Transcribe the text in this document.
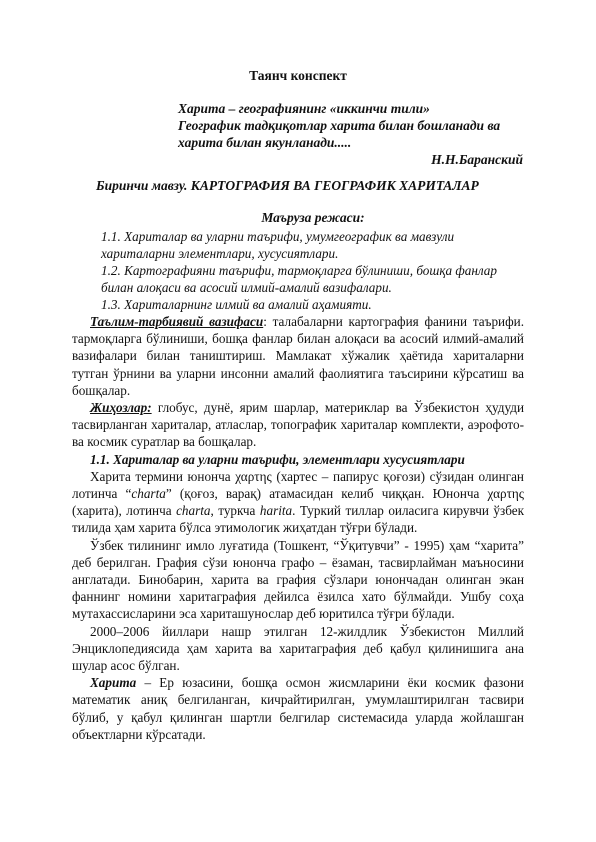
Таянч конспект
Харита – географиянинг «иккинчи тили»
Географик тадқиқотлар харита билан бошланади ва
харита билан якунланади.....
Н.Н.Баранский
Биринчи мавзу. КАРТОГРАФИЯ ВА ГЕОГРАФИК ХАРИТАЛАР
Маъруза режаси:
1.1. Хариталар ва уларни таърифи, умумгеографик ва мавзули хариталарни элементлари, хусусиятлари.
1.2. Картографияни таърифи, тармоқларга бўлиниши, бошқа фанлар билан алоқаси ва асосий илмий-амалий вазифалари.
1.3. Хариталарнинг илмий ва амалий аҳамияти.

Таълим-тарбиявий вазифаси: талабаларни картография фанини таърифи. тармоқларга бўлиниши, бошқа фанлар билан алоқаси ва асосий илмий-амалий вазифалари билан таништириш. Мамлакат хўжалик ҳаётида хариталарни тутган ўрнини ва уларни инсонни амалий фаолиятига таъсирини кўрсатиш ва бошқалар.

Жиҳозлар: глобус, дунё, ярим шарлар, материклар ва Ўзбекистон ҳудуди тасвирланган хариталар, атласлар, топографик хариталар комплекти, аэрофото- ва космик суратлар ва бошқалар.

1.1. Хариталар ва уларни таърифи, элементлари хусусиятлари

Харита термини юнонча χαρτης (хартес – папирус қоғози) сўзидан олинган лотинча “charta” (қоғоз, варақ) атамасидан келиб чиққан. Юнонча χαρτης (харита), лотинча charta, туркча harita. Туркий тиллар оиласига кирувчи ўзбек тилида ҳам харита бўлса этимологик жиҳатдан тўғри бўлади.

Ўзбек тилининг имло луғатида (Тошкент, “Ўқитувчи” - 1995) ҳам “харита” деб берилган. Графия сўзи юнонча графо – ёзаман, тасвирлайман маъносини англатади. Бинобарин, харита ва графия сўзлари юнончадан олинган экан фаннинг номини харитаграфия дейилса ёзилса хато бўлмайди. Ушбу соҳа мутахассисларини эса хариташунослар деб юритилса тўғри бўлади.

2000–2006 йиллари нашр этилган 12-жилдлик Ўзбекистон Миллий Энциклопедиясида ҳам харита ва харитаграфия деб қабул қилинишига ана шулар асос бўлган.

Харита – Ер юзасини, бошқа осмон жисмларини ёки космик фазони математик аниқ белгиланган, кичрайтирилган, умумлаштирилган тасвири бўлиб, у қабул қилинган шартли белгилар системасида уларда жойлашган объектларни кўрсатади.
